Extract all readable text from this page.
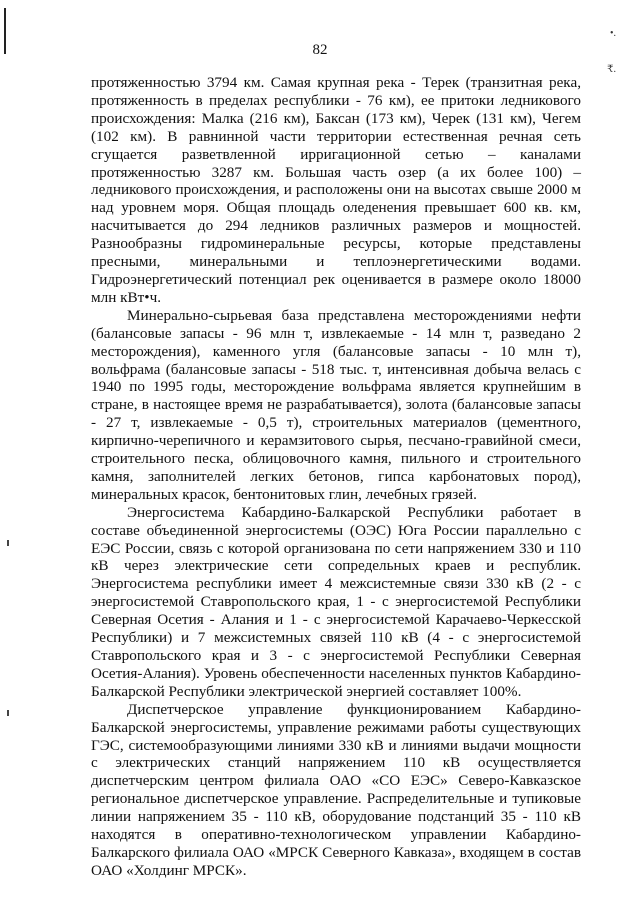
•.
₹.
82

протяженностью 3794 км. Самая крупная река - Терек (транзитная река, протяженность в пределах республики - 76 км), ее притоки ледникового происхождения: Малка (216 км), Баксан (173 км), Черек (131 км), Чегем (102 км). В равнинной части территории естественная речная сеть сгущается разветвленной ирригационной сетью – каналами протяженностью 3287 км. Большая часть озер (а их более 100) – ледникового происхождения, и расположены они на высотах свыше 2000 м над уровнем моря. Общая площадь оледенения превышает 600 кв. км, насчитывается до 294 ледников различных размеров и мощностей. Разнообразны гидроминеральные ресурсы, которые представлены пресными, минеральными и теплоэнергетическими водами. Гидроэнергетический потенциал рек оценивается в размере около 18000 млн кВт•ч.

Минерально-сырьевая база представлена месторождениями нефти (балансовые запасы - 96 млн т, извлекаемые - 14 млн т, разведано 2 месторождения), каменного угля (балансовые запасы - 10 млн т), вольфрама (балансовые запасы - 518 тыс. т, интенсивная добыча велась с 1940 по 1995 годы, месторождение вольфрама является крупнейшим в стране, в настоящее время не разрабатывается), золота (балансовые запасы - 27 т, извлекаемые - 0,5 т), строительных материалов (цементного, кирпично-черепичного и керамзитового сырья, песчано-гравийной смеси, строительного песка, облицовочного камня, пильного и строительного камня, заполнителей легких бетонов, гипса карбонатовых пород), минеральных красок, бентонитовых глин, лечебных грязей.

Энергосистема Кабардино-Балкарской Республики работает в составе объединенной энергосистемы (ОЭС) Юга России параллельно с ЕЭС России, связь с которой организована по сети напряжением 330 и 110 кВ через электрические сети сопредельных краев и республик. Энергосистема республики имеет 4 межсистемные связи 330 кВ (2 - с энергосистемой Ставропольского края, 1 - с энергосистемой Республики Северная Осетия - Алания и 1 - с энергосистемой Карачаево-Черкесской Республики) и 7 межсистемных связей 110 кВ (4 - с энергосистемой Ставропольского края и 3 - с энергосистемой Республики Северная Осетия-Алания). Уровень обеспеченности населенных пунктов Кабардино-Балкарской Республики электрической энергией составляет 100%.

Диспетчерское управление функционированием Кабардино-Балкарской энергосистемы, управление режимами работы существующих ГЭС, системообразующими линиями 330 кВ и линиями выдачи мощности с электрических станций напряжением 110 кВ осуществляется диспетчерским центром филиала ОАО «СО ЕЭС» Северо-Кавказское региональное диспетчерское управление. Распределительные и тупиковые линии напряжением 35 - 110 кВ, оборудование подстанций 35 - 110 кВ находятся в оперативно-технологическом управлении Кабардино-Балкарского филиала ОАО «МРСК Северного Кавказа», входящем в состав ОАО «Холдинг МРСК».
